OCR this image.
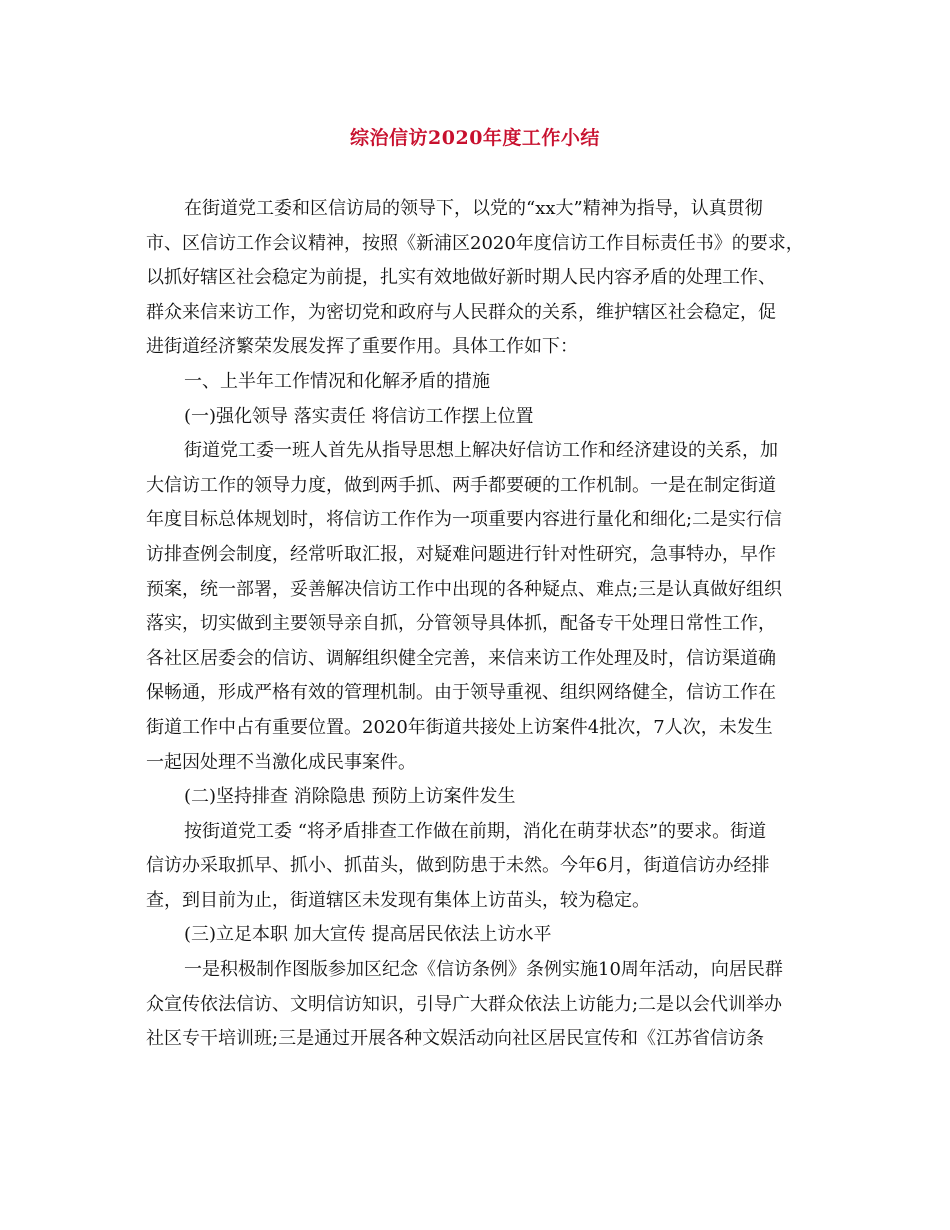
综治信访2020年度工作小结
在街道党工委和区信访局的领导下，以党的“xx大”精神为指导，认真贯彻
市、区信访工作会议精神，按照《新浦区2020年度信访工作目标责任书》的要求，
以抓好辖区社会稳定为前提，扎实有效地做好新时期人民内容矛盾的处理工作、
群众来信来访工作，为密切党和政府与人民群众的关系，维护辖区社会稳定，促
进街道经济繁荣发展发挥了重要作用。具体工作如下：
一、上半年工作情况和化解矛盾的措施
(一)强化领导 落实责任 将信访工作摆上位置
街道党工委一班人首先从指导思想上解决好信访工作和经济建设的关系，加
大信访工作的领导力度，做到两手抓、两手都要硬的工作机制。一是在制定街道
年度目标总体规划时，将信访工作作为一项重要内容进行量化和细化;二是实行信
访排查例会制度，经常听取汇报，对疑难问题进行针对性研究，急事特办，早作
预案，统一部署，妥善解决信访工作中出现的各种疑点、难点;三是认真做好组织
落实，切实做到主要领导亲自抓，分管领导具体抓，配备专干处理日常性工作，
各社区居委会的信访、调解组织健全完善，来信来访工作处理及时，信访渠道确
保畅通，形成严格有效的管理机制。由于领导重视、组织网络健全，信访工作在
街道工作中占有重要位置。2020年街道共接处上访案件4批次，7人次，未发生
一起因处理不当激化成民事案件。
(二)坚持排查 消除隐患 预防上访案件发生
按街道党工委 “将矛盾排查工作做在前期，消化在萌芽状态”的要求。街道
信访办采取抓早、抓小、抓苗头，做到防患于未然。今年6月，街道信访办经排
查，到目前为止，街道辖区未发现有集体上访苗头，较为稳定。
(三)立足本职 加大宣传 提高居民依法上访水平
一是积极制作图版参加区纪念《信访条例》条例实施10周年活动，向居民群
众宣传依法信访、文明信访知识，引导广大群众依法上访能力;二是以会代训举办
社区专干培训班;三是通过开展各种文娱活动向社区居民宣传和《江苏省信访条
